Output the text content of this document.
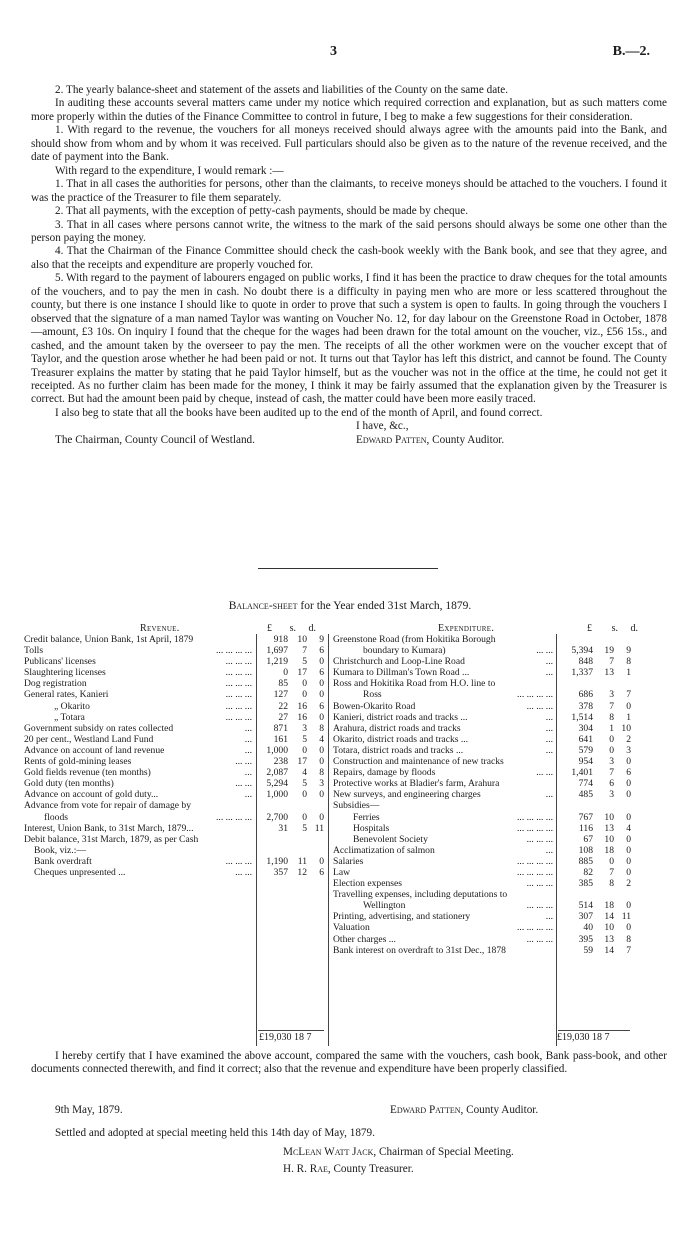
3	B.—2.

2. The yearly balance-sheet and statement of the assets and liabilities of the County on the same date.

In auditing these accounts several matters came under my notice which required correction and explanation, but as such matters come more properly within the duties of the Finance Committee to control in future, I beg to make a few suggestions for their consideration.

1. With regard to the revenue, the vouchers for all moneys received should always agree with the amounts paid into the Bank, and should show from whom and by whom it was received. Full particulars should also be given as to the nature of the revenue received, and the date of payment into the Bank.

With regard to the expenditure, I would remark :—

1. That in all cases the authorities for persons, other than the claimants, to receive moneys should be attached to the vouchers. I found it was the practice of the Treasurer to file them separately.

2. That all payments, with the exception of petty-cash payments, should be made by cheque.

3. That in all cases where persons cannot write, the witness to the mark of the said persons should always be some one other than the person paying the money.

4. That the Chairman of the Finance Committee should check the cash-book weekly with the Bank book, and see that they agree, and also that the receipts and expenditure are properly vouched for.

5. With regard to the payment of labourers engaged on public works, I find it has been the practice to draw cheques for the total amounts of the vouchers, and to pay the men in cash. No doubt there is a difficulty in paying men who are more or less scattered throughout the county, but there is one instance I should like to quote in order to prove that such a system is open to faults. In going through the vouchers I observed that the signature of a man named Taylor was wanting on Voucher No. 12, for day labour on the Greenstone Road in October, 1878—amount, £3 10s. On inquiry I found that the cheque for the wages had been drawn for the total amount on the voucher, viz., £56 15s., and cashed, and the amount taken by the overseer to pay the men. The receipts of all the other workmen were on the voucher except that of Taylor, and the question arose whether he had been paid or not. It turns out that Taylor has left this district, and cannot be found. The County Treasurer explains the matter by stating that he paid Taylor himself, but as the voucher was not in the office at the time, he could not get it receipted. As no further claim has been made for the money, I think it may be fairly assumed that the explanation given by the Treasurer is correct. But had the amount been paid by cheque, instead of cash, the matter could have been more easily traced.

I also beg to state that all the books have been audited up to the end of the month of April, and found correct.

I have, &c.,
The Chairman, County Council of Westland.	Edward Patten, County Auditor.
Balance-sheet for the Year ended 31st March, 1879.
Revenue.	Expenditure.
£	s.	d.	£	s.	d.
Credit balance, Union Bank, 1st April, 1879	918 10 9
Tolls	... ... ... ... 1,697 7 6
Publicans' licenses	... ... ... 1,219 5 0
Slaughtering licenses	... ... ...	0 17 6
Dog registration	... ... ...	85 0 0
General rates, Kanieri	... ... ... 127 0 0
„ Okarito	... ... ...	22 16 6
„ Totara	... ... ...	27 16 0
Government subsidy on rates collected	... 871 3 8
20 per cent., Westland Land Fund	... 161 5 4
Advance on account of land revenue	... 1,000 0 0
Rents of gold-mining leases	... ... 238 17 0
Gold fields revenue (ten months)	... 2,087 4 8
Gold duty (ten months)	... ... 5,294 5 3
Advance on account of gold duty...	... 1,000 0 0
Advance from vote for repair of damage by
floods	... ... ... ... 2,700 0 0
Interest, Union Bank, to 31st March, 1879...	31 5 11
Debit balance, 31st March, 1879, as per Cash
Book, viz.:—
Bank overdraft	... ... ... 1,190 11 0
Cheques unpresented ...	... ... 357 12 6
Greenstone Road (from Hokitika Borough
boundary to Kumara)	... ... 5,394 19 9
Christchurch and Loop-Line Road	...	848 7 8
Kumara to Dillman's Town Road ...	... 1,337 13 1
Ross and Hokitika Road from H.O. line to
Ross	... ... ... ...	686 3 7
Bowen-Okarito Road	... ... ...	378 7 0
Kanieri, district roads and tracks ...	... 1,514 8 1
Arahura, district roads and tracks	...	304 1 10
Okarito, district roads and tracks ...	...	641 0 2
Totara, district roads and tracks ...	...	579 0 3
Construction and maintenance of new tracks	954 3 0
Repairs, damage by floods	... ... 1,401 7 6
Protective works at Bladier's farm, Arahura	774 6 0
New surveys, and engineering charges	...	485 3 0
Subsidies—
Ferries	... ... ... ...	767 10 0
Hospitals	... ... ... ...	116 13 4
Benevolent Society	... ... ...	67 10 0
Acclimatization of salmon	...	108 18 0
Salaries	... ... ... ...	885 0 0
Law	... ... ... ...	82 7 0
Election expenses	... ... ...	385 8 2
Travelling expenses, including deputations to
Wellington	... ... ...	514 18 0
Printing, advertising, and stationery	...	307 14 11
Valuation	... ... ... ...	40 10 0
Other charges ...	... ... ...	395 13 8
Bank interest on overdraft to 31st Dec., 1878	59 14 7
£19,030 18 7	£19,030 18 7

I hereby certify that I have examined the above account, compared the same with the vouchers, cash book, Bank pass-book, and other documents connected therewith, and find it correct; also that the revenue and expenditure have been properly classified.

9th May, 1879.	Edward Patten, County Auditor.
Settled and adopted at special meeting held this 14th day of May, 1879.
McLean Watt Jack, Chairman of Special Meeting.
H. R. Rae, County Treasurer.
